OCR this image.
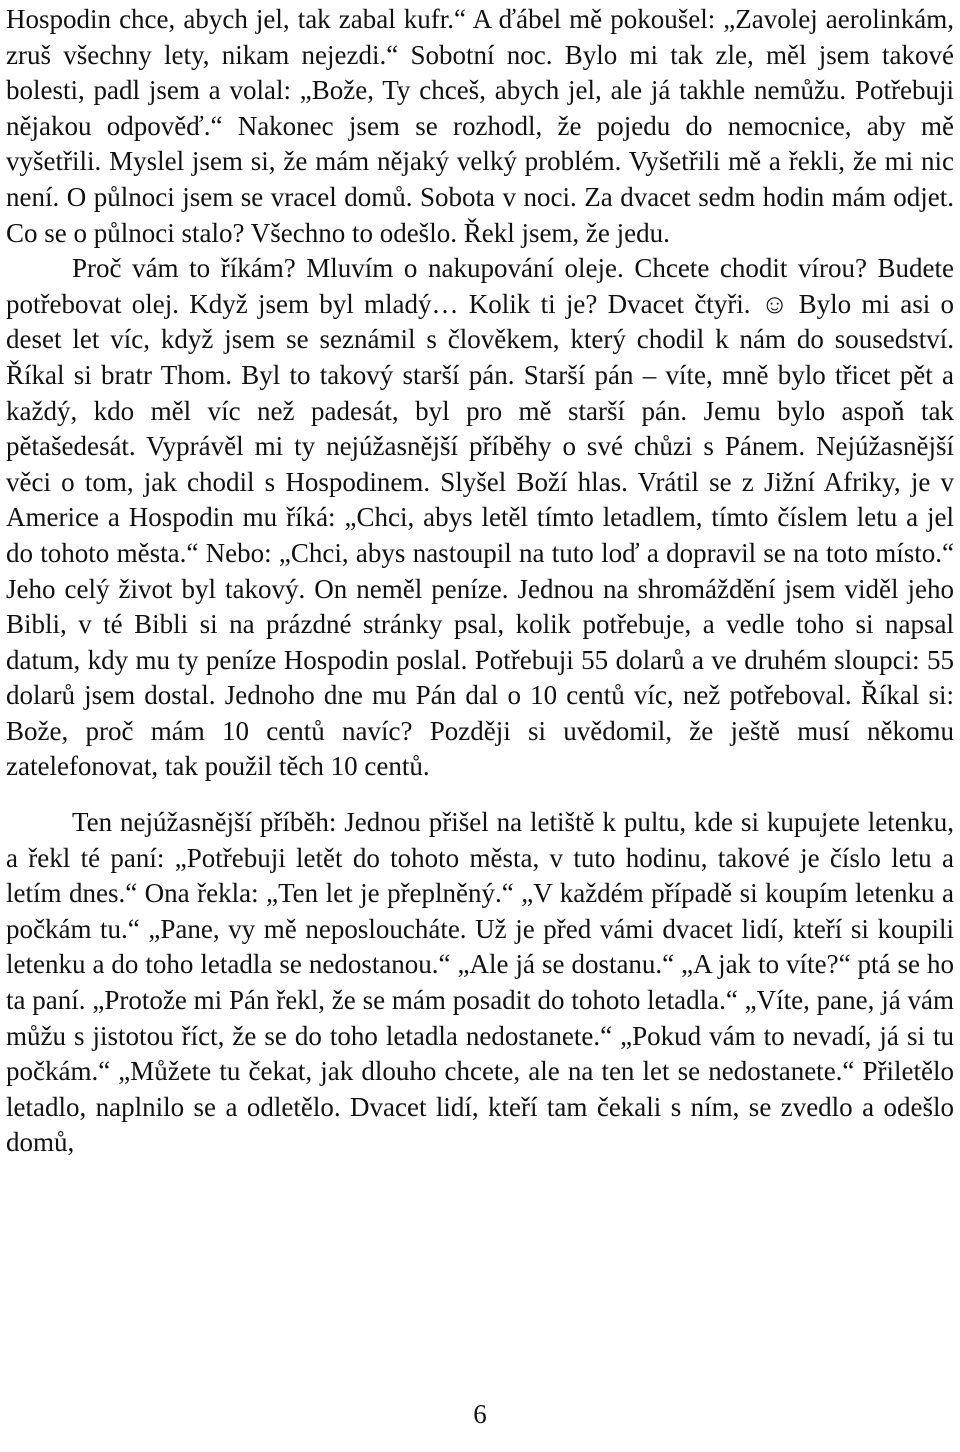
Hospodin chce, abych jel, tak zabal kufr.“ A ďábel mě pokoušel: „Zavolej aerolinkám, zruš všechny lety, nikam nejezdi.“ Sobotní noc. Bylo mi tak zle, měl jsem takové bolesti, padl jsem a volal: „Bože, Ty chceš, abych jel, ale já takhle nemůžu. Potřebuji nějakou odpověď.“ Nakonec jsem se rozhodl, že pojedu do nemocnice, aby mě vyšetřili. Myslel jsem si, že mám nějaký velký problém. Vyšetřili mě a řekli, že mi nic není. O půlnoci jsem se vracel domů. Sobota v noci. Za dvacet sedm hodin mám odjet. Co se o půlnoci stalo? Všechno to odešlo. Řekl jsem, že jedu.

Proč vám to říkám? Mluvím o nakupování oleje. Chcete chodit vírou? Budete potřebovat olej. Když jsem byl mladý… Kolik ti je? Dvacet čtyři. ☺ Bylo mi asi o deset let víc, když jsem se seznámil s člověkem, který chodil k nám do sousedství. Říkal si bratr Thom. Byl to takový starší pán. Starší pán – víte, mně bylo třicet pět a každý, kdo měl víc než padesát, byl pro mě starší pán. Jemu bylo aspoň tak pětašedesát. Vyprávěl mi ty nejúžasnější příběhy o své chůzi s Pánem. Nejúžasnější věci o tom, jak chodil s Hospodinem. Slyšel Boží hlas. Vrátil se z Jižní Afriky, je v Americe a Hospodin mu říká: „Chci, abys letěl tímto letadlem, tímto číslem letu a jel do tohoto města.“ Nebo: „Chci, abys nastoupil na tuto loď a dopravil se na toto místo.“ Jeho celý život byl takový. On neměl peníze. Jednou na shromáždění jsem viděl jeho Bibli, v té Bibli si na prázdné stránky psal, kolik potřebuje, a vedle toho si napsal datum, kdy mu ty peníze Hospodin poslal. Potřebuji 55 dolarů a ve druhém sloupci: 55 dolarů jsem dostal. Jednoho dne mu Pán dal o 10 centů víc, než potřeboval. Říkal si: Bože, proč mám 10 centů navíc? Později si uvědomil, že ještě musí někomu zatelefonovat, tak použil těch 10 centů.

Ten nejúžasnější příběh: Jednou přišel na letiště k pultu, kde si kupujete letenku, a řekl té paní: „Potřebuji letět do tohoto města, v tuto hodinu, takové je číslo letu a letím dnes.“ Ona řekla: „Ten let je přeplněný.“ „V každém případě si koupím letenku a počkám tu.“ „Pane, vy mě neposloucháte. Už je před vámi dvacet lidí, kteří si koupili letenku a do toho letadla se nedostanou.“ „Ale já se dostanu.“ „A jak to víte?“ ptá se ho ta paní. „Protože mi Pán řekl, že se mám posadit do tohoto letadla.“ „Víte, pane, já vám můžu s jistotou říct, že se do toho letadla nedostanete.“ „Pokud vám to nevadí, já si tu počkám.“ „Můžete tu čekat, jak dlouho chcete, ale na ten let se nedostanete.“ Přiletělo letadlo, naplnilo se a odletělo. Dvacet lidí, kteří tam čekali s ním, se zvedlo a odešlo domů,

6
